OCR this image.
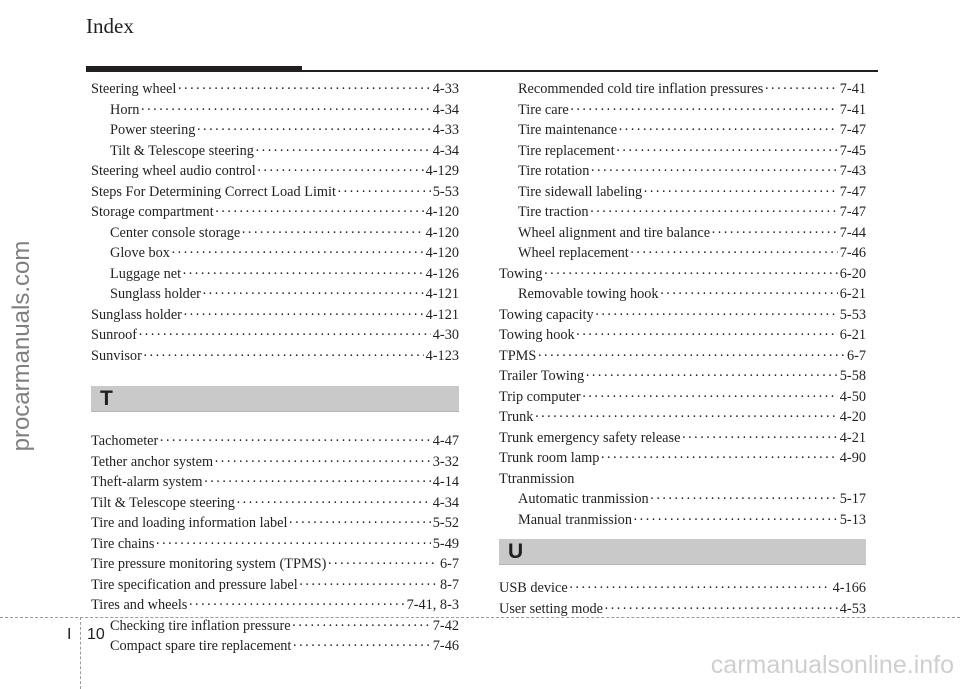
Index
Steering wheel ·····	4-33
Horn ·····	4-34
Power steering ·····	4-33
Tilt & Telescope steering ·····	4-34
Steering wheel audio control ·····	4-129
Steps For Determining Correct Load Limit ·····	5-53
Storage compartment ·····	4-120
Center console storage ·····	4-120
Glove box ·····	4-120
Luggage net ·····	4-126
Sunglass holder ·····	4-121
Sunglass holder ·····	4-121
Sunroof ·····	4-30
Sunvisor ·····	4-123
T
Tachometer ·····	4-47
Tether anchor system ·····	3-32
Theft-alarm system ·····	4-14
Tilt & Telescope steering ·····	4-34
Tire and loading information label ·····	5-52
Tire chains ·····	5-49
Tire pressure monitoring system (TPMS) ·····	6-7
Tire specification and pressure label ·····	8-7
Tires and wheels ·····	7-41, 8-3
Checking tire inflation pressure ·····	7-42
Compact spare tire replacement ·····	7-46
Recommended cold tire inflation pressures ·····	7-41
Tire care ·····	7-41
Tire maintenance ·····	7-47
Tire replacement ·····	7-45
Tire rotation ·····	7-43
Tire sidewall labeling ·····	7-47
Tire traction ·····	7-47
Wheel alignment and tire balance ·····	7-44
Wheel replacement ·····	7-46
Towing ·····	6-20
Removable towing hook ·····	6-21
Towing capacity ·····	5-53
Towing hook ·····	6-21
TPMS ·····	6-7
Trailer Towing ·····	5-58
Trip computer ·····	4-50
Trunk ·····	4-20
Trunk emergency safety release ·····	4-21
Trunk room lamp ·····	4-90
Ttranmission
Automatic tranmission ·····	5-17
Manual tranmission ·····	5-13
U
USB device ·····	4-166
User setting mode ·····	4-53
I 10
procarmanuals.com
carmanualsonline.info
